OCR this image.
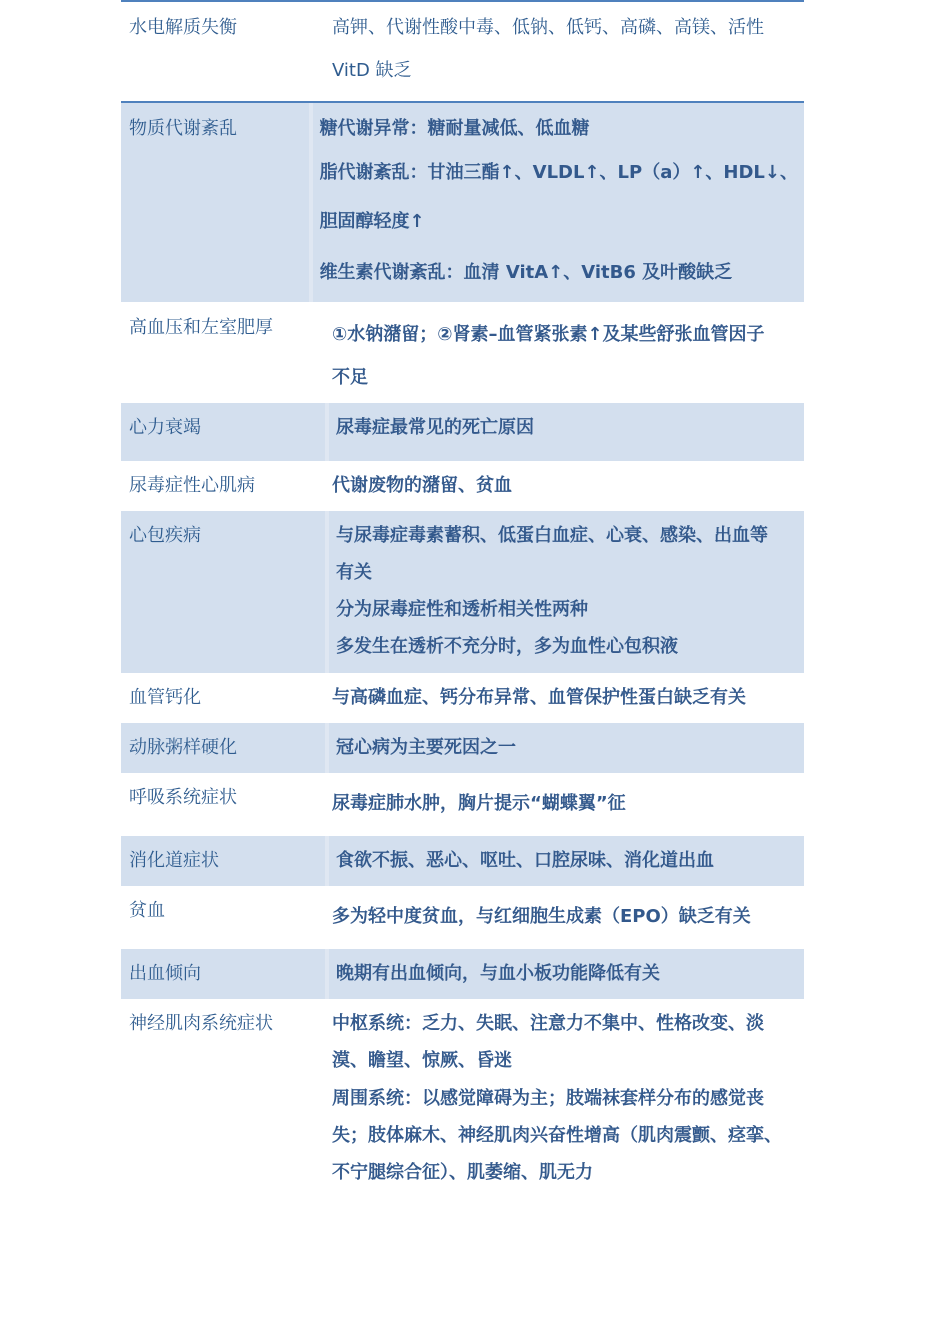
水电解质失衡	高钾、代谢性酸中毒、低钠、低钙、高磷、高镁、活性
VitD 缺乏
物质代谢紊乱	糖代谢异常：糖耐量减低、低血糖
脂代谢紊乱：甘油三酯↑、VLDL↑、LP（a）↑、HDL↓、
胆固醇轻度↑
维生素代谢紊乱：血清 VitA↑、VitB6 及叶酸缺乏
高血压和左室肥厚	①水钠潴留；②肾素–血管紧张素↑及某些舒张血管因子
不足
心力衰竭	尿毒症最常见的死亡原因
尿毒症性心肌病	代谢废物的潴留、贫血
心包疾病	与尿毒症毒素蓄积、低蛋白血症、心衰、感染、出血等
有关
分为尿毒症性和透析相关性两种
多发生在透析不充分时，多为血性心包积液
血管钙化	与高磷血症、钙分布异常、血管保护性蛋白缺乏有关
动脉粥样硬化	冠心病为主要死因之一
呼吸系统症状	尿毒症肺水肿，胸片提示“蝴蝶翼”征
消化道症状	食欲不振、恶心、呕吐、口腔尿味、消化道出血
贫血	多为轻中度贫血，与红细胞生成素（EPO）缺乏有关
出血倾向	晚期有出血倾向，与血小板功能降低有关
神经肌肉系统症状	中枢系统：乏力、失眠、注意力不集中、性格改变、淡
漠、瞻望、惊厥、昏迷
周围系统：以感觉障碍为主；肢端袜套样分布的感觉丧
失；肢体麻木、神经肌肉兴奋性增高（肌肉震颤、痉挛、
不宁腿综合征）、肌萎缩、肌无力
